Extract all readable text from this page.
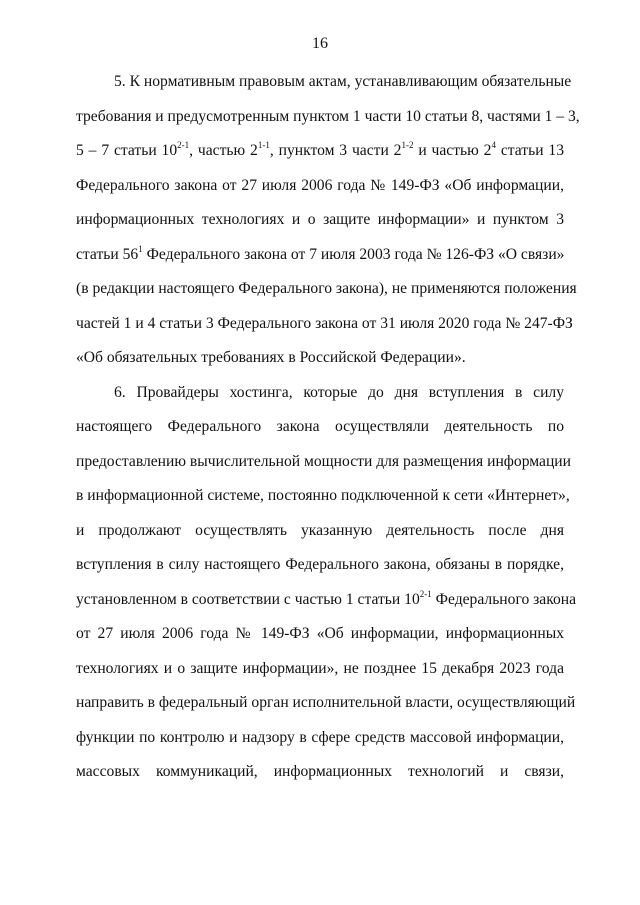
16
5. К нормативным правовым актам, устанавливающим обязательные
требования и предусмотренным пунктом 1 части 10 статьи 8, частями 1 – 3,
5 – 7 статьи 10$^{2-1}$, частью 2$^{1-1}$, пунктом 3 части 2$^{1-2}$ и частью $2^4$ статьи 13
Федерального закона от 27 июля 2006 года № 149-ФЗ «Об информации,
информационных технологиях и о защите информации» и пунктом 3
статьи $56^1$ Федерального закона от 7 июля 2003 года № 126-ФЗ «О связи»
(в редакции настоящего Федерального закона), не применяются положения
частей 1 и 4 статьи 3 Федерального закона от 31 июля 2020 года № 247-ФЗ
«Об обязательных требованиях в Российской Федерации».
6. Провайдеры хостинга, которые до дня вступления в силу
настоящего Федерального закона осуществляли деятельность по
предоставлению вычислительной мощности для размещения информации
в информационной системе, постоянно подключенной к сети «Интернет»,
и продолжают осуществлять указанную деятельность после дня
вступления в силу настоящего Федерального закона, обязаны в порядке,
установленном в соответствии с частью 1 статьи 10$^{2-1}$ Федерального закона
от 27 июля 2006 года № 149-ФЗ «Об информации, информационных
технологиях и о защите информации», не позднее 15 декабря 2023 года
направить в федеральный орган исполнительной власти, осуществляющий
функции по контролю и надзору в сфере средств массовой информации,
массовых коммуникаций, информационных технологий и связи,
